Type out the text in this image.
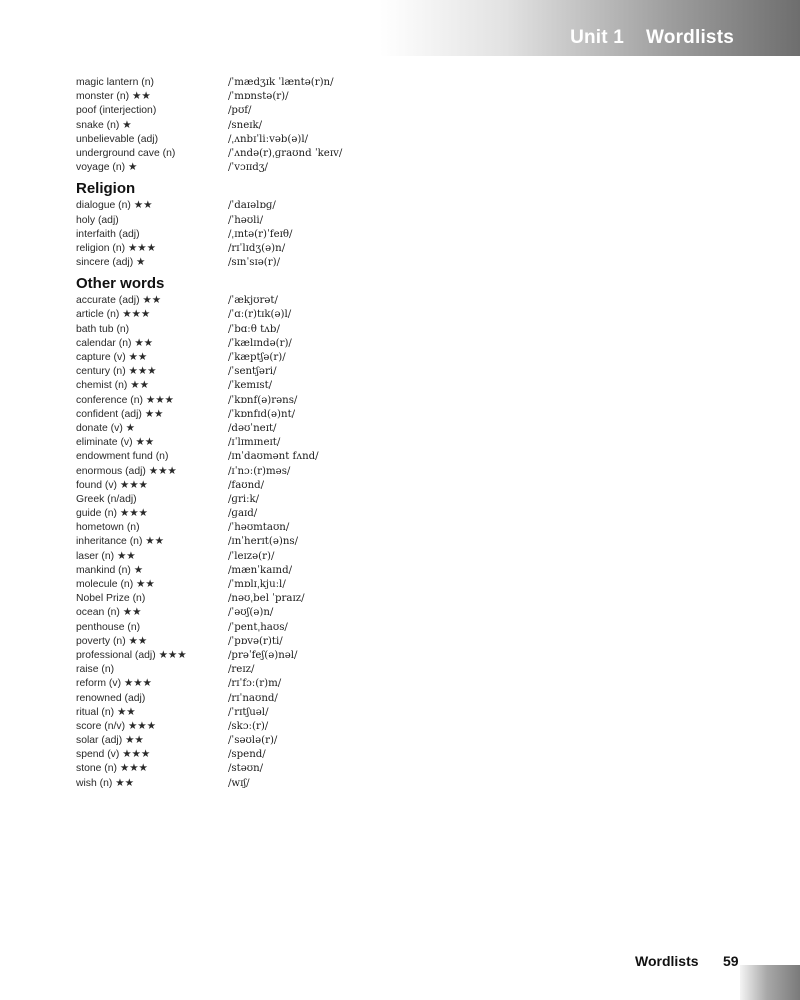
Unit 1    Wordlists
magic lantern (n)	/ˈmædʒɪk ˈlæntə(r)n/
monster (n) ★★	/ˈmɒnstə(r)/
poof (interjection)	/pʊf/
snake (n) ★	/sneɪk/
unbelievable (adj)	/ˌʌnbɪˈliːvəb(ə)l/
underground cave (n)	/ˈʌndə(r)ˌɡraʊnd ˈkeɪv/
voyage (n) ★	/ˈvɔɪɪdʒ/
Religion
dialogue (n) ★★	/ˈdaɪəlɒɡ/
holy (adj)	/ˈhəʊli/
interfaith (adj)	/ˌɪntə(r)ˈfeɪθ/
religion (n) ★★★	/rɪˈlɪdʒ(ə)n/
sincere (adj) ★	/sɪnˈsɪə(r)/
Other words
accurate (adj) ★★	/ˈækjʊrət/
article (n) ★★★	/ˈɑː(r)tɪk(ə)l/
bath tub (n)	/ˈbɑːθ tʌb/
calendar (n) ★★	/ˈkælɪndə(r)/
capture (v) ★★	/ˈkæptʃə(r)/
century (n) ★★★	/ˈsentʃəri/
chemist (n) ★★	/ˈkemɪst/
conference (n) ★★★	/ˈkɒnf(ə)rəns/
confident (adj) ★★	/ˈkɒnfɪd(ə)nt/
donate (v) ★	/dəʊˈneɪt/
eliminate (v) ★★	/ɪˈlɪmɪneɪt/
endowment fund (n)	/ɪnˈdaʊmənt fʌnd/
enormous (adj) ★★★	/ɪˈnɔː(r)məs/
found (v) ★★★	/faʊnd/
Greek (n/adj)	/ɡriːk/
guide (n) ★★★	/ɡaɪd/
hometown (n)	/ˈhəʊmtaʊn/
inheritance (n) ★★	/ɪnˈherɪt(ə)ns/
laser (n) ★★	/ˈleɪzə(r)/
mankind (n) ★	/mænˈkaɪnd/
molecule (n) ★★	/ˈmɒlɪˌkjuːl/
Nobel Prize (n)	/nəʊˌbel ˈpraɪz/
ocean (n) ★★	/ˈəʊʃ(ə)n/
penthouse (n)	/ˈpentˌhaʊs/
poverty (n) ★★	/ˈpɒvə(r)ti/
professional (adj) ★★★	/prəˈfeʃ(ə)nəl/
raise (n)	/reɪz/
reform (v) ★★★	/rɪˈfɔː(r)m/
renowned (adj)	/rɪˈnaʊnd/
ritual (n) ★★	/ˈrɪtʃuəl/
score (n/v) ★★★	/skɔː(r)/
solar (adj) ★★	/ˈsəʊlə(r)/
spend (v) ★★★	/spend/
stone (n) ★★★	/stəʊn/
wish (n) ★★	/wɪʃ/
Wordlists 59
